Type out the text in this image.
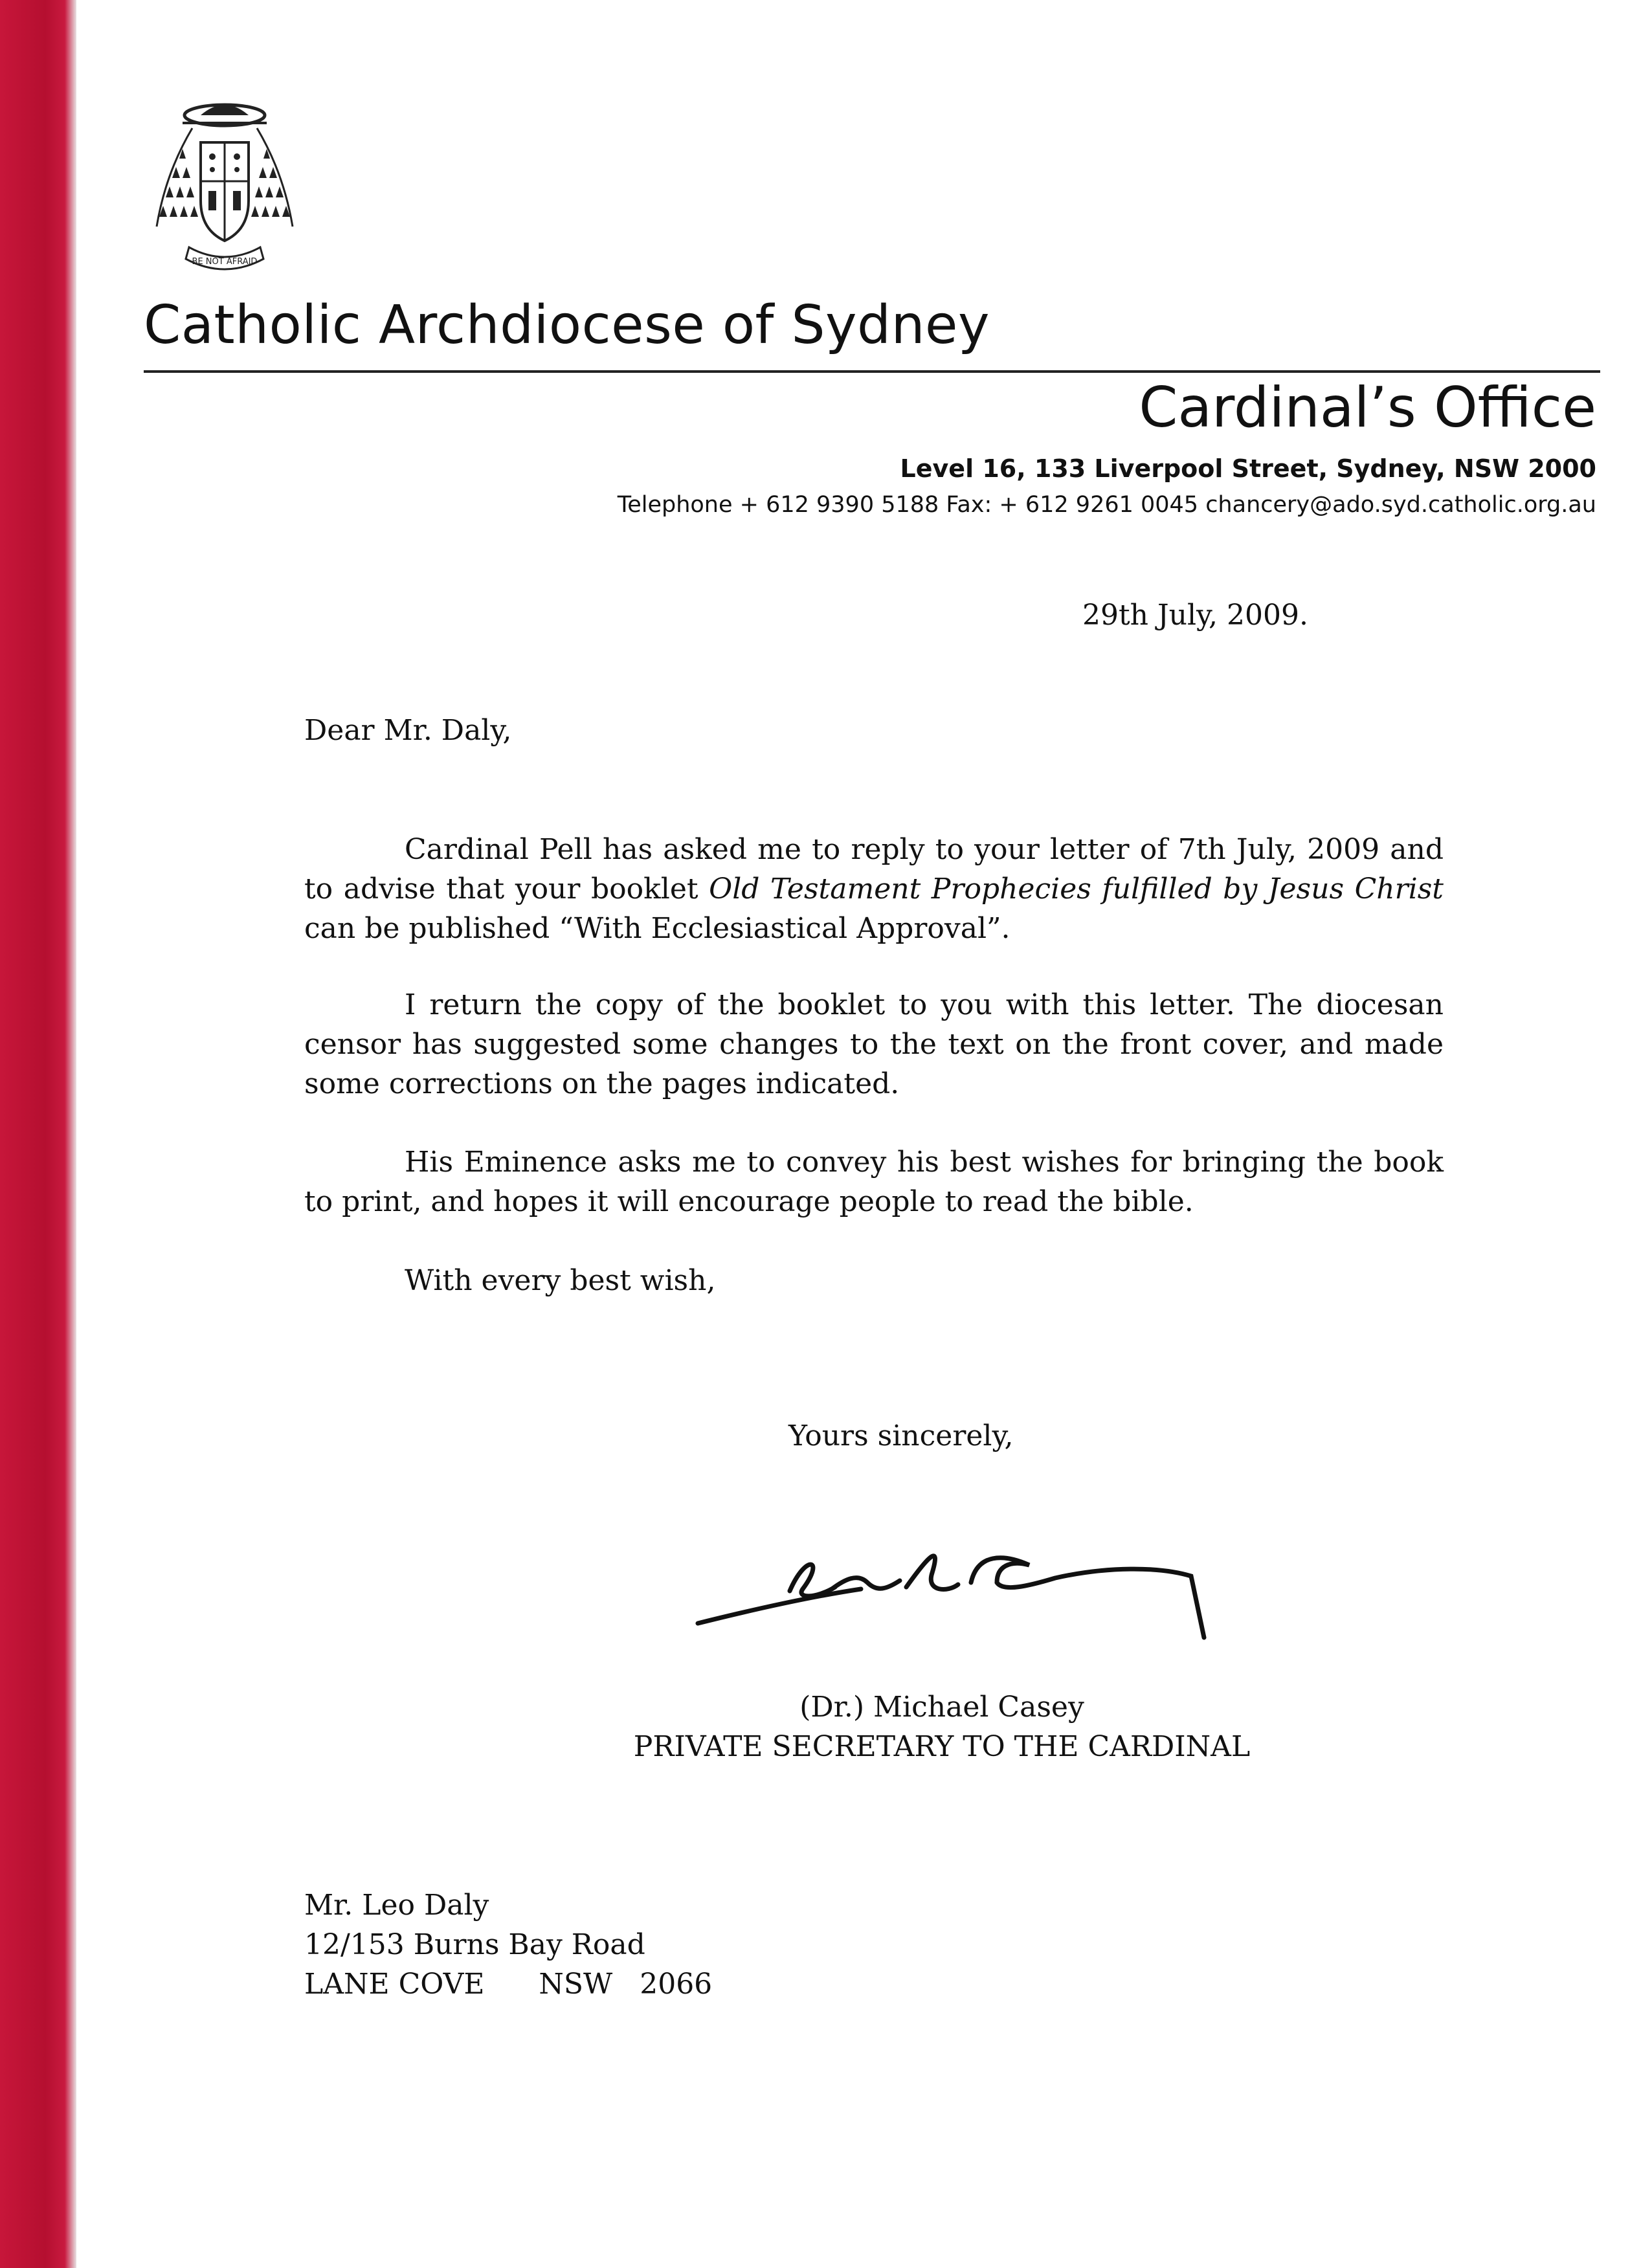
BE NOT AFRAID
Catholic Archdiocese of Sydney
Cardinal’s Office
Level 16, 133 Liverpool Street, Sydney, NSW 2000
Telephone + 612 9390 5188 Fax: + 612 9261 0045 chancery@ado.syd.catholic.org.au
29th July, 2009.
Dear Mr. Daly,
Cardinal Pell has asked me to reply to your letter of 7th July, 2009 and to advise that your booklet Old Testament Prophecies fulfilled by Jesus Christ can be published “With Ecclesiastical Approval”.
I return the copy of the booklet to you with this letter. The diocesan censor has suggested some changes to the text on the front cover, and made some corrections on the pages indicated.
His Eminence asks me to convey his best wishes for bringing the book to print, and hopes it will encourage people to read the bible.
With every best wish,
Yours sincerely,
(Dr.) Michael Casey
PRIVATE SECRETARY TO THE CARDINAL
Mr. Leo Daly
12/153 Burns Bay Road
LANE COVE      NSW   2066
